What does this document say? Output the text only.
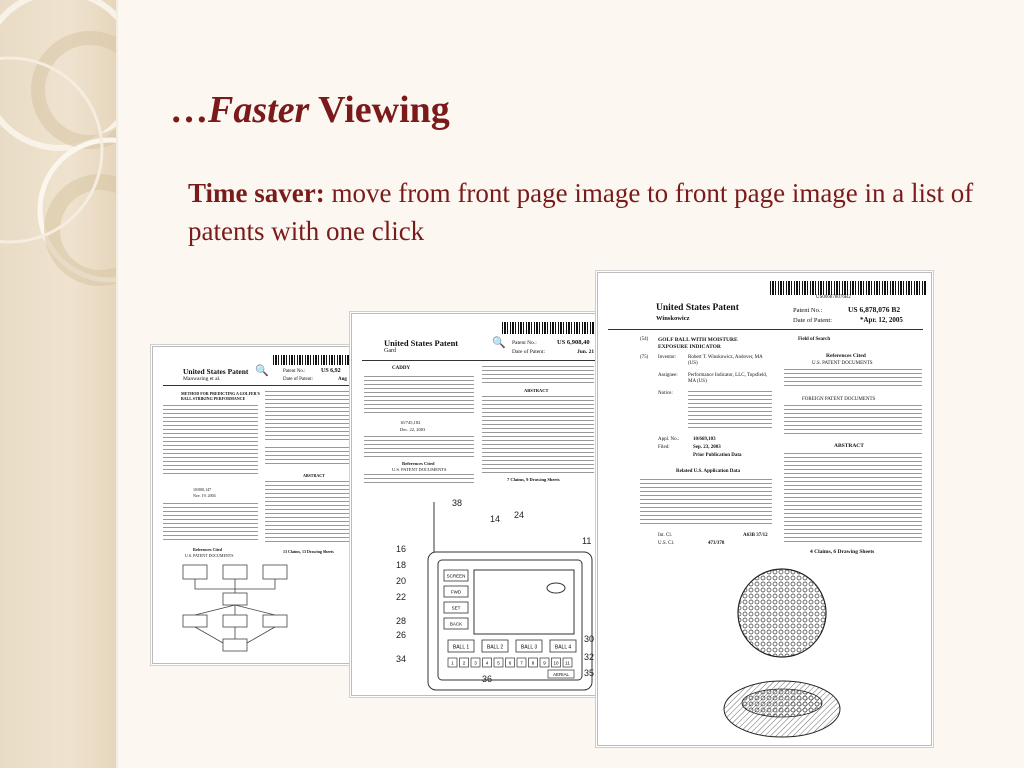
…Faster Viewing
Time saver: move from front page image to front page image in a list of patents with one click
United States Patent 🔍
Manwaring et al.
Patent No.:	US 6,92
Date of Patent:	Aug
METHOD FOR PREDICTING A GOLFER'S BALL STRIKING PERFORMANCE
10/000,147
Nov. 19, 2004
References Cited
U.S. PATENT DOCUMENTS
ABSTRACT
13 Claims, 13 Drawing Sheets
United States Patent	🔍
Gard
Patent No.:	US 6,908,40
Date of Patent:	Jun. 21
CADDY
10/745,182
Dec. 22, 2003
References Cited
U.S. PATENT DOCUMENTS
ABSTRACT
7 Claims, 9 Drawing Sheets
SCREEN
FWD
SET
BACK
BALL 1	BALL 2	BALL 3	BALL 4
1 2 3 4 5 6 7 8 9 10 11
AERIAL
38
14 24
11
16
18
20
22
28
26	30
34
36
32
35
US006878076B2
United States Patent
Winskowicz
Patent No.:	US 6,878,076 B2
Date of Patent:	*Apr. 12, 2005
(54) GOLF BALL WITH MOISTURE EXPOSURE INDICATOR
(75) Inventor: Robert T. Winskowicz, Andover, MA (US)
Assignee: Performance Indicator, LLC, Topsfield, MA (US)
Notice:
Appl. No.:	10/669,103
Filed:	Sep. 23, 2003
Prior Publication Data
Related U.S. Application Data
Int. Cl.	A63B 37/12
U.S. Cl.	473/378
Field of Search
References Cited
U.S. PATENT DOCUMENTS
FOREIGN PATENT DOCUMENTS
ABSTRACT
4 Claims, 6 Drawing Sheets
